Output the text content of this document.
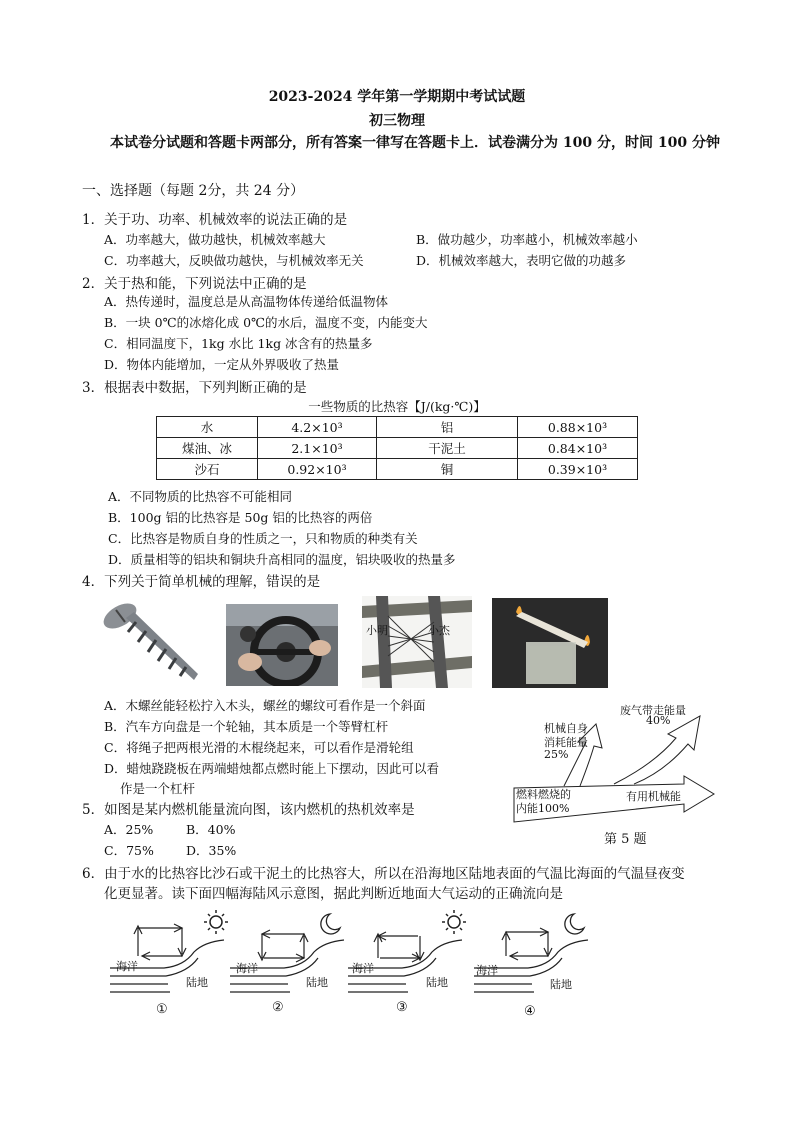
2023-2024 学年第一学期期中考试试题
初三物理
本试卷分试题和答题卡两部分，所有答案一律写在答题卡上．试卷满分为 100 分，时间 100 分钟
一、选择题（每题 2分，共 24 分）
1．关于功、功率、机械效率的说法正确的是
A．功率越大，做功越快，机械效率越大	B．做功越少，功率越小，机械效率越小
C．功率越大，反映做功越快，与机械效率无关	D．机械效率越大，表明它做的功越多
2．关于热和能，下列说法中正确的是
A．热传递时，温度总是从高温物体传递给低温物体
B．一块 0℃的冰熔化成 0℃的水后，温度不变，内能变大
C．相同温度下，1kg 水比 1kg 冰含有的热量多
D．物体内能增加，一定从外界吸收了热量
3．根据表中数据，下列判断正确的是
一些物质的比热容【J/(kg·℃)】
水	4.2×10³	铝	0.88×10³
煤油、冰	2.1×10³	干泥土	0.84×10³
沙石	0.92×10³	铜	0.39×10³
A．不同物质的比热容不可能相同
B．100g 铝的比热容是 50g 铝的比热容的两倍
C．比热容是物质自身的性质之一，只和物质的种类有关
D．质量相等的铝块和铜块升高相同的温度，铝块吸收的热量多
4．下列关于简单机械的理解，错误的是
小明	小杰
A．木螺丝能轻松拧入木头，螺丝的螺纹可看作是一个斜面
B．汽车方向盘是一个轮轴，其本质是一个等臂杠杆
C．将绳子把两根光滑的木棍绕起来，可以看作是滑轮组
D．蜡烛跷跷板在两端蜡烛都点燃时能上下摆动，因此可以看
作是一个杠杆	燃料燃烧的
内能100%
有用机械能
机械自身
消耗能量
25%
废气带走能量
40%
第 5 题
5．如图是某内燃机能量流向图，该内燃机的热机效率是
A．25%	B．40%
C．75%	D．35%
6．由于水的比热容比沙石或干泥土的比热容大，所以在沿海地区陆地表面的气温比海面的气温昼夜变
化更显著。读下面四幅海陆风示意图，据此判断近地面大气运动的正确流向是
海洋
陆地
①
海洋
陆地
②
海洋
陆地
③
海洋
陆地
④
